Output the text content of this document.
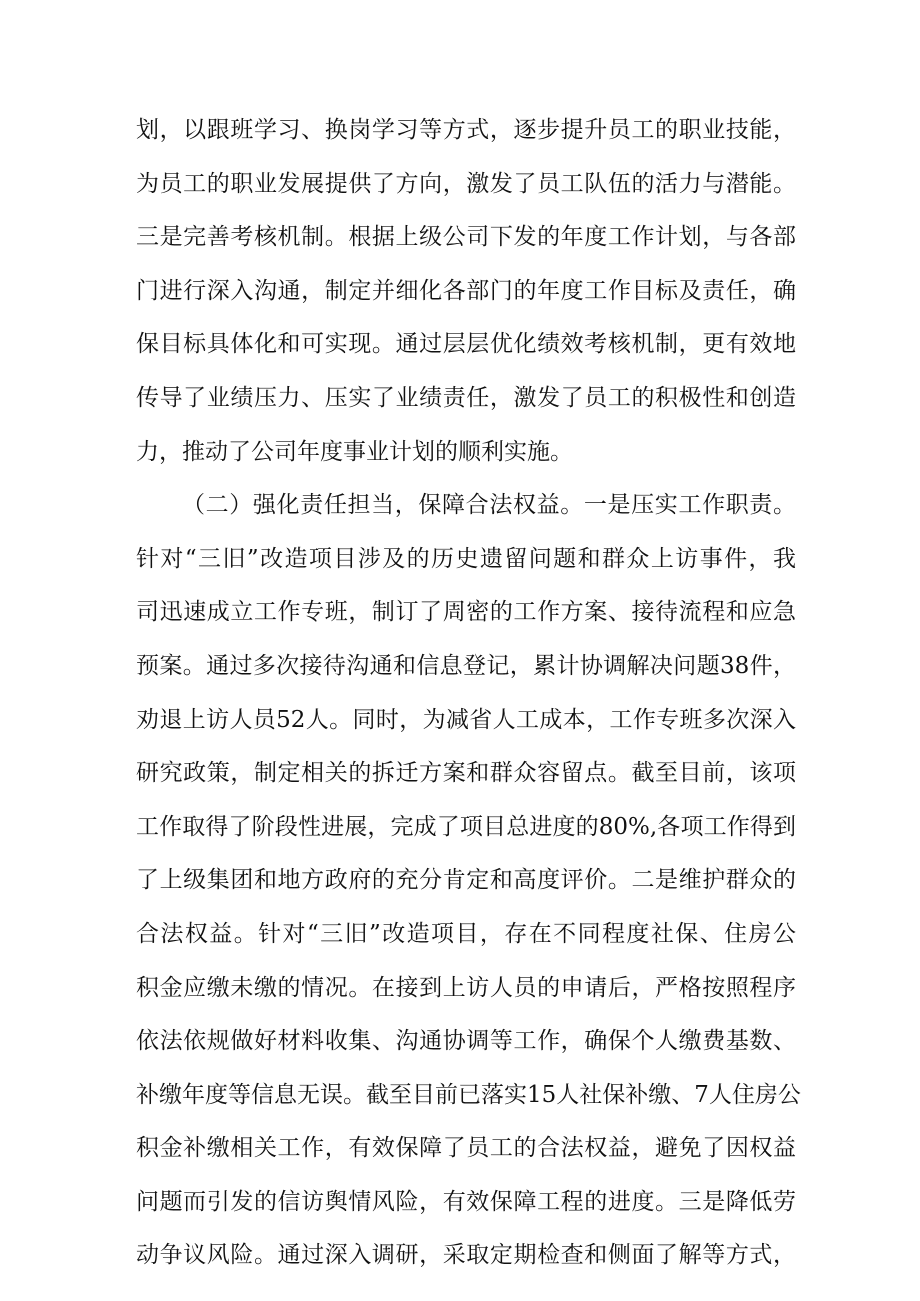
划，以跟班学习、换岗学习等方式，逐步提升员工的职业技能，
为员工的职业发展提供了方向，激发了员工队伍的活力与潜能。
三是完善考核机制。根据上级公司下发的年度工作计划，与各部
门进行深入沟通，制定并细化各部门的年度工作目标及责任，确
保目标具体化和可实现。通过层层优化绩效考核机制，更有效地
传导了业绩压力、压实了业绩责任，激发了员工的积极性和创造
力，推动了公司年度事业计划的顺利实施。
（二）强化责任担当，保障合法权益。一是压实工作职责。
针对“三旧”改造项目涉及的历史遗留问题和群众上访事件，我
司迅速成立工作专班，制订了周密的工作方案、接待流程和应急
预案。通过多次接待沟通和信息登记，累计协调解决问题38件，
劝退上访人员52人。同时，为减省人工成本，工作专班多次深入
研究政策，制定相关的拆迁方案和群众容留点。截至目前，该项
工作取得了阶段性进展，完成了项目总进度的80%,各项工作得到
了上级集团和地方政府的充分肯定和高度评价。二是维护群众的
合法权益。针对“三旧”改造项目，存在不同程度社保、住房公
积金应缴未缴的情况。在接到上访人员的申请后，严格按照程序
依法依规做好材料收集、沟通协调等工作，确保个人缴费基数、
补缴年度等信息无误。截至目前已落实15人社保补缴、7人住房公
积金补缴相关工作，有效保障了员工的合法权益，避免了因权益
问题而引发的信访舆情风险，有效保障工程的进度。三是降低劳
动争议风险。通过深入调研，采取定期检查和侧面了解等方式，
